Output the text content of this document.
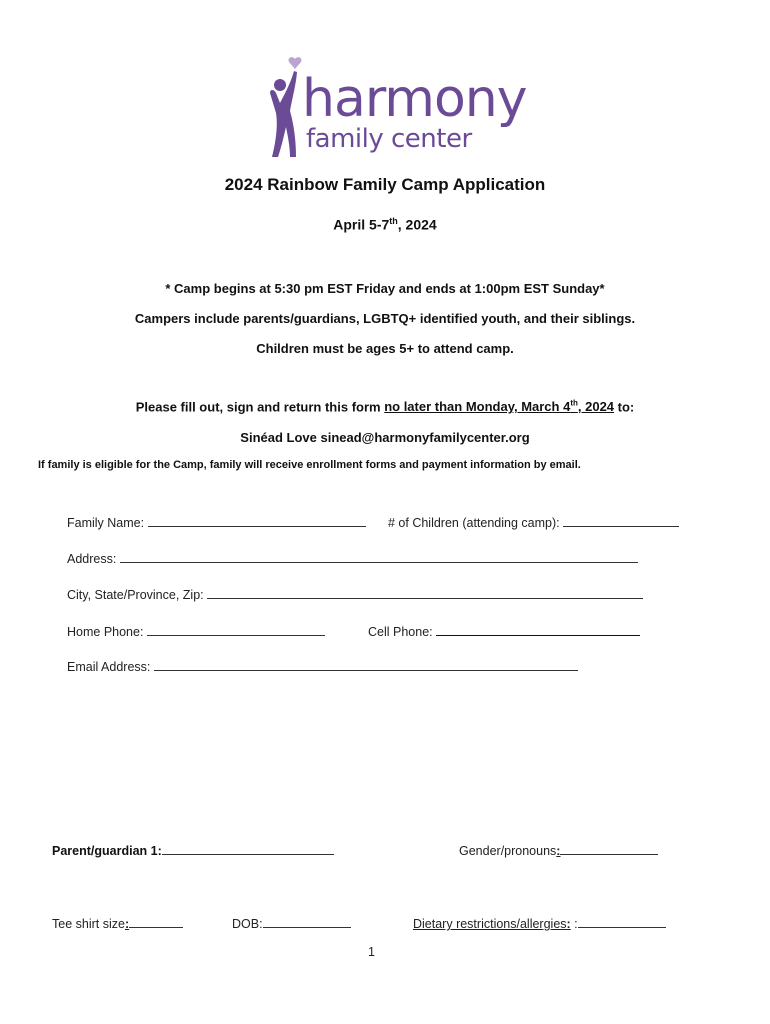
harmony
family center
2024 Rainbow Family Camp Application
April 5-7th, 2024
* Camp begins at 5:30 pm EST Friday and ends at 1:00pm EST Sunday*
Campers include parents/guardians, LGBTQ+ identified youth, and their siblings.
Children must be ages 5+ to attend camp.
Please fill out, sign and return this form no later than Monday, March 4th, 2024 to:
Sinéad Love sinead@harmonyfamilycenter.org
If family is eligible for the Camp, family will receive enrollment forms and payment information by email.
Family Name:	# of Children (attending camp):
Address:
City, State/Province, Zip:
Home Phone:	Cell Phone:
Email Address:
Parent/guardian 1:	Gender/pronouns:
Tee shirt size:	DOB:	Dietary restrictions/allergies: :
1
